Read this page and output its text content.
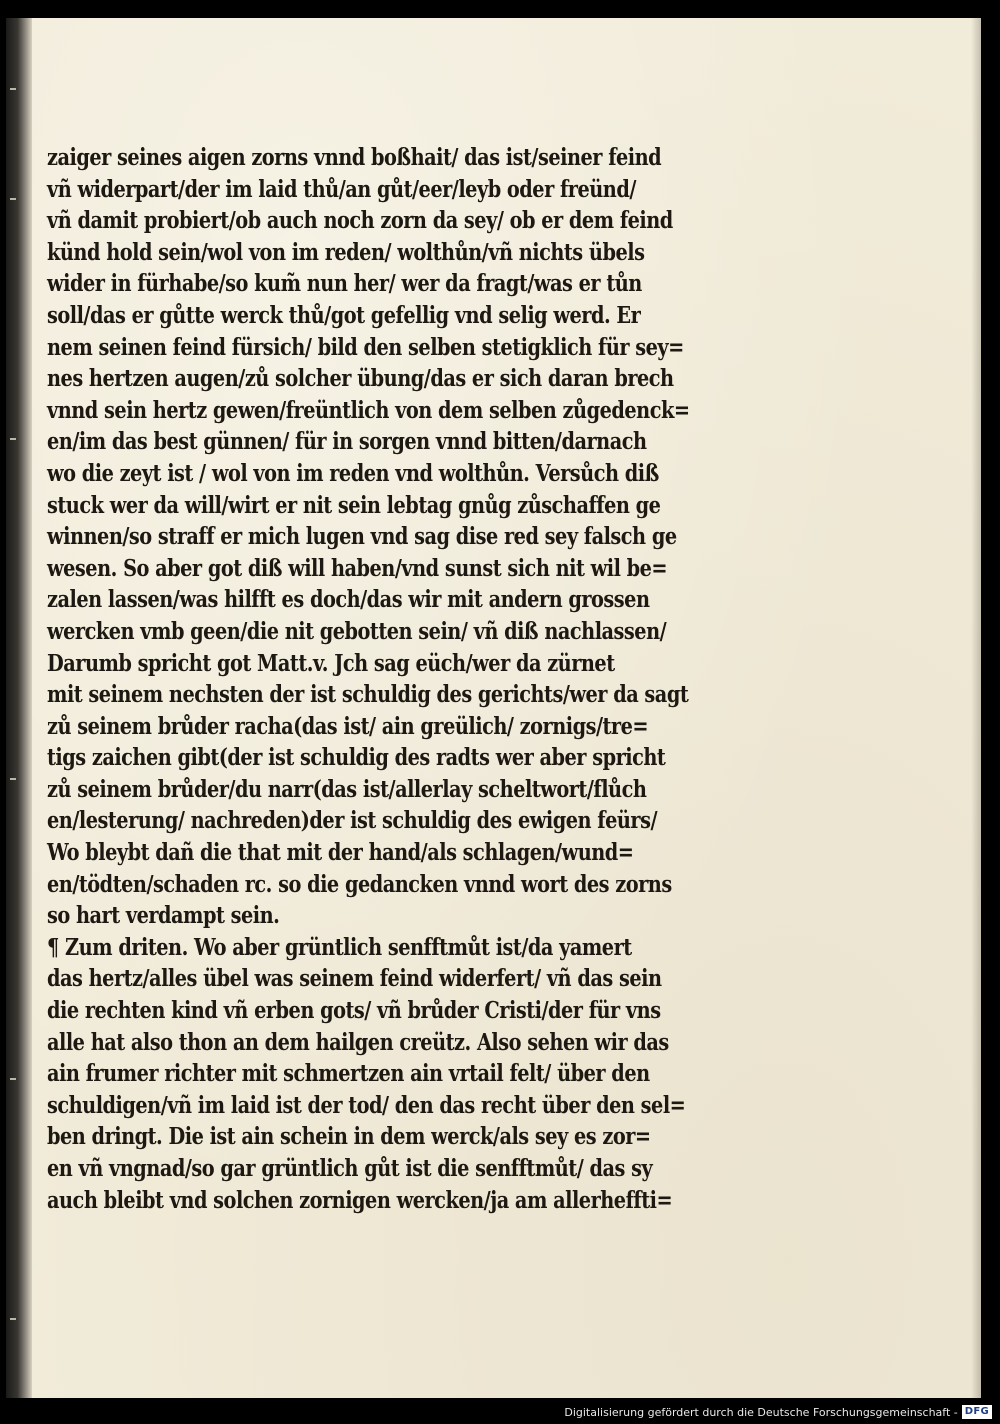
zaiger seines aigen zorns vnnd boßhait/ das ist/seiner feind
vñ widerpart/der im laid thů/an gůt/eer/leyb oder freünd/
vñ damit probiert/ob auch noch zorn da sey/ ob er dem feind
künd hold sein/wol von im reden/ wolthůn/vñ nichts übels
wider in fürhabe/so kum̃ nun her/ wer da fragt/was er tůn
soll/das er gůtte werck thů/got gefellig vnd selig werd. Er
nem seinen feind fürsich/ bild den selben stetigklich für sey=
nes hertzen augen/zů solcher übung/das er sich daran brech
vnnd sein hertz gewen/freüntlich von dem selben zůgedenck=
en/im das best günnen/ für in sorgen vnnd bitten/darnach
wo die zeyt ist / wol von im reden vnd wolthůn. Versůch diß
stuck wer da will/wirt er nit sein lebtag gnůg zůschaffen ge
winnen/so straff er mich lugen vnd sag dise red sey falsch ge
wesen. So aber got diß will haben/vnd sunst sich nit wil be=
zalen lassen/was hilfft es doch/das wir mit andern grossen
wercken vmb geen/die nit gebotten sein/ vñ diß nachlassen/
Darumb spricht got Matt.v. Jch sag eüch/wer da zürnet
mit seinem nechsten der ist schuldig des gerichts/wer da sagt
zů seinem brůder racha(das ist/ ain greülich/ zornigs/tre=
tigs zaichen gibt(der ist schuldig des radts wer aber spricht
zů seinem brůder/du narr(das ist/allerlay scheltwort/flůch
en/lesterung/ nachreden)der ist schuldig des ewigen feürs/
Wo bleybt dañ die that mit der hand/als schlagen/wund=
en/tödten/schaden rc. so die gedancken vnnd wort des zorns
so hart verdampt sein.
¶ Zum driten. Wo aber grüntlich senfftmůt ist/da yamert
das hertz/alles übel was seinem feind widerfert/ vñ das sein
die rechten kind vñ erben gots/ vñ brůder Cristi/der für vns
alle hat also thon an dem hailgen creütz. Also sehen wir das
ain frumer richter mit schmertzen ain vrtail felt/ über den
schuldigen/vñ im laid ist der tod/ den das recht über den sel=
ben dringt. Die ist ain schein in dem werck/als sey es zor=
en vñ vngnad/so gar grüntlich gůt ist die senfftmůt/ das sy
auch bleibt vnd solchen zornigen wercken/ja am allerheffti=
Digitalisierung gefördert durch die Deutsche Forschungsgemeinschaft - DFG
